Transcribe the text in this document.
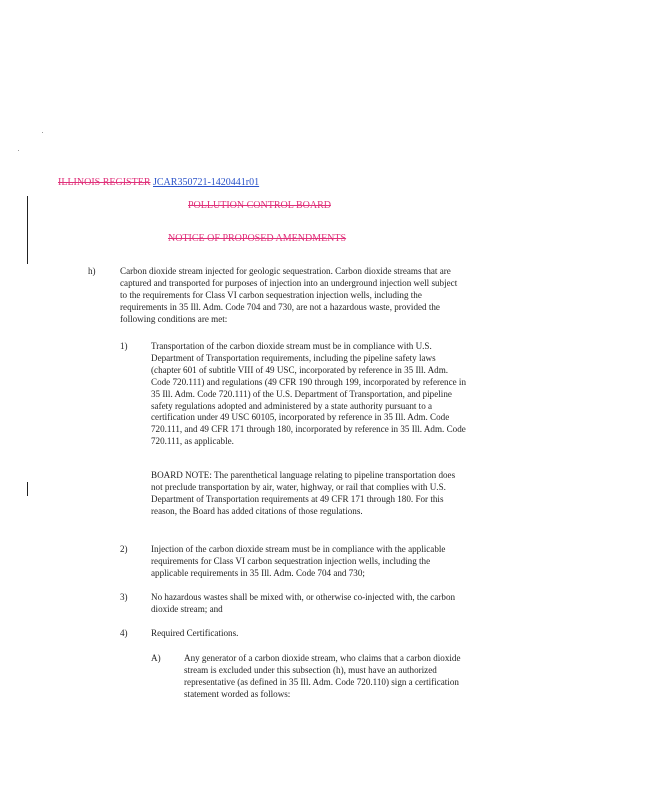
ILLINOIS REGISTER JCAR350721-1420441r01
POLLUTION CONTROL BOARD
NOTICE OF PROPOSED AMENDMENTS
h)	Carbon dioxide stream injected for geologic sequestration. Carbon dioxide streams that are captured and transported for purposes of injection into an underground injection well subject to the requirements for Class VI carbon sequestration injection wells, including the requirements in 35 Ill. Adm. Code 704 and 730, are not a hazardous waste, provided the following conditions are met:
1)	Transportation of the carbon dioxide stream must be in compliance with U.S. Department of Transportation requirements, including the pipeline safety laws (chapter 601 of subtitle VIII of 49 USC, incorporated by reference in 35 Ill. Adm. Code 720.111) and regulations (49 CFR 190 through 199, incorporated by reference in 35 Ill. Adm. Code 720.111) of the U.S. Department of Transportation, and pipeline safety regulations adopted and administered by a state authority pursuant to a certification under 49 USC 60105, incorporated by reference in 35 Ill. Adm. Code 720.111, and 49 CFR 171 through 180, incorporated by reference in 35 Ill. Adm. Code 720.111, as applicable.
BOARD NOTE: The parenthetical language relating to pipeline transportation does not preclude transportation by air, water, highway, or rail that complies with U.S. Department of Transportation requirements at 49 CFR 171 through 180. For this reason, the Board has added citations of those regulations.
2)	Injection of the carbon dioxide stream must be in compliance with the applicable requirements for Class VI carbon sequestration injection wells, including the applicable requirements in 35 Ill. Adm. Code 704 and 730;
3)	No hazardous wastes shall be mixed with, or otherwise co-injected with, the carbon dioxide stream; and
4)	Required Certifications.
A)	Any generator of a carbon dioxide stream, who claims that a carbon dioxide stream is excluded under this subsection (h), must have an authorized representative (as defined in 35 Ill. Adm. Code 720.110) sign a certification statement worded as follows:
